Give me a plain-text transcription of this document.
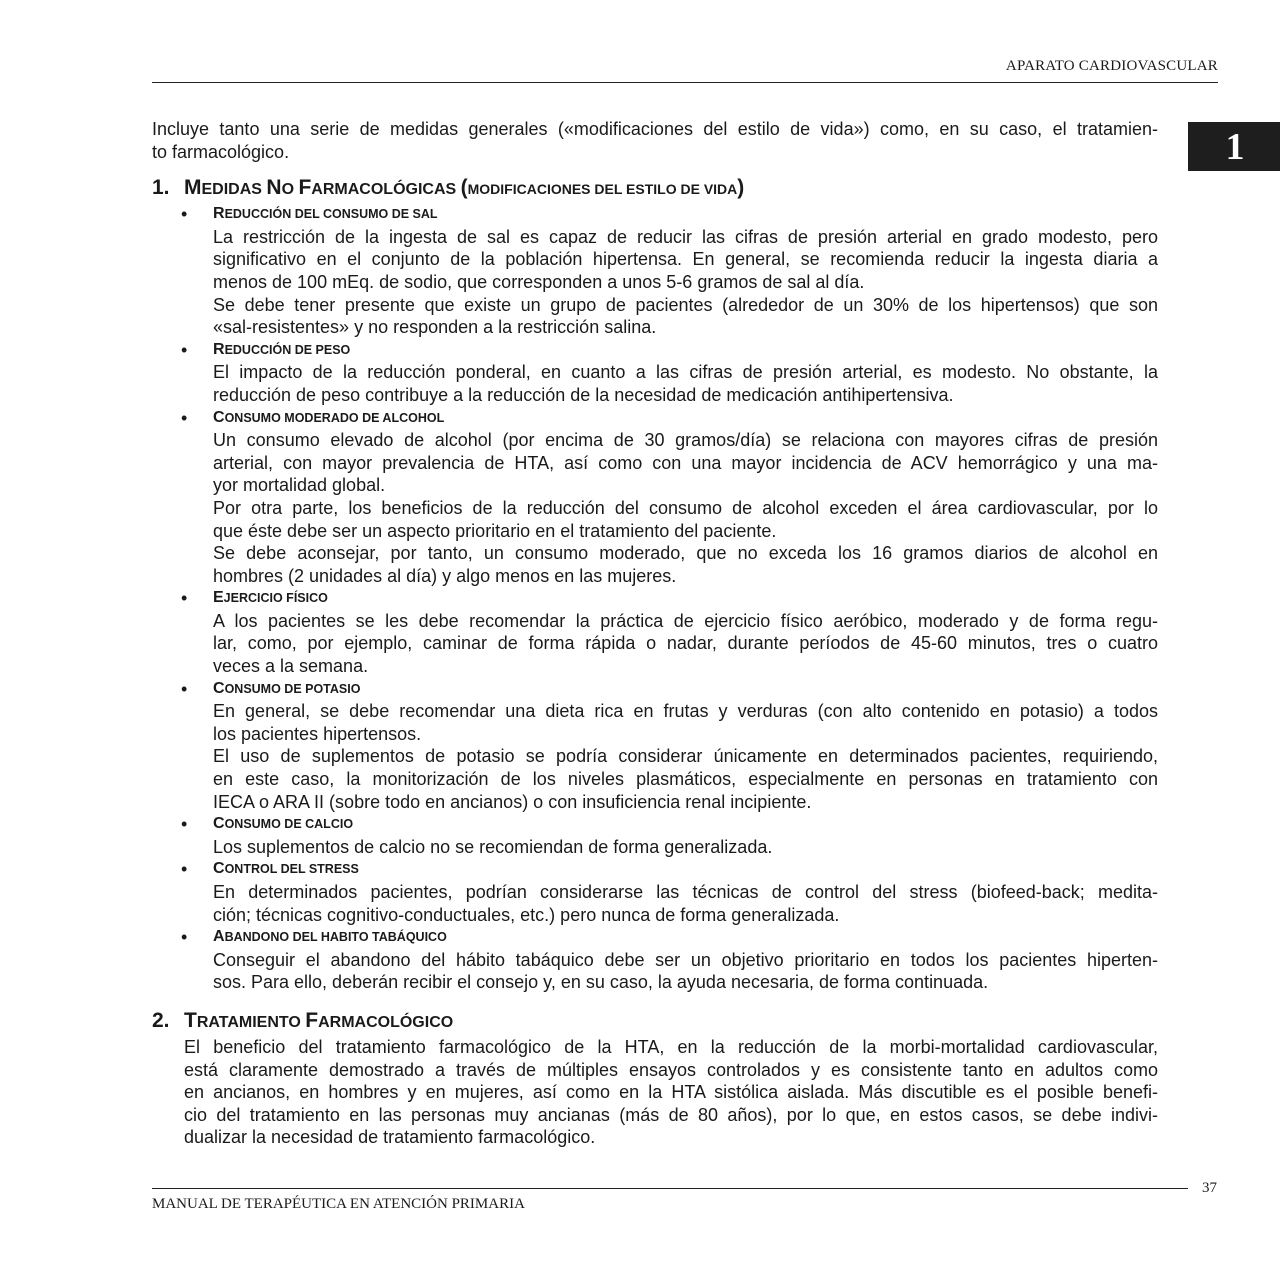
APARATO CARDIOVASCULAR
1

Incluye tanto una serie de medidas generales («modificaciones del estilo de vida») como, en su caso, el tratamien-
to farmacológico.

1. MEDIDAS NO FARMACOLÓGICAS (MODIFICACIONES DEL ESTILO DE VIDA)
• REDUCCIÓN DEL CONSUMO DE SAL
La restricción de la ingesta de sal es capaz de reducir las cifras de presión arterial en grado modesto, pero
significativo en el conjunto de la población hipertensa. En general, se recomienda reducir la ingesta diaria a
menos de 100 mEq. de sodio, que corresponden a unos 5-6 gramos de sal al día.
Se debe tener presente que existe un grupo de pacientes (alrededor de un 30% de los hipertensos) que son
«sal-resistentes» y no responden a la restricción salina.
• REDUCCIÓN DE PESO
El impacto de la reducción ponderal, en cuanto a las cifras de presión arterial, es modesto. No obstante, la
reducción de peso contribuye a la reducción de la necesidad de medicación antihipertensiva.
• CONSUMO MODERADO DE ALCOHOL
Un consumo elevado de alcohol (por encima de 30 gramos/día) se relaciona con mayores cifras de presión
arterial, con mayor prevalencia de HTA, así como con una mayor incidencia de ACV hemorrágico y una ma-
yor mortalidad global.
Por otra parte, los beneficios de la reducción del consumo de alcohol exceden el área cardiovascular, por lo
que éste debe ser un aspecto prioritario en el tratamiento del paciente.
Se debe aconsejar, por tanto, un consumo moderado, que no exceda los 16 gramos diarios de alcohol en
hombres (2 unidades al día) y algo menos en las mujeres.
• EJERCICIO FÍSICO
A los pacientes se les debe recomendar la práctica de ejercicio físico aeróbico, moderado y de forma regu-
lar, como, por ejemplo, caminar de forma rápida o nadar, durante períodos de 45-60 minutos, tres o cuatro
veces a la semana.
• CONSUMO DE POTASIO
En general, se debe recomendar una dieta rica en frutas y verduras (con alto contenido en potasio) a todos
los pacientes hipertensos.
El uso de suplementos de potasio se podría considerar únicamente en determinados pacientes, requiriendo,
en este caso, la monitorización de los niveles plasmáticos, especialmente en personas en tratamiento con
IECA o ARA II (sobre todo en ancianos) o con insuficiencia renal incipiente.
• CONSUMO DE CALCIO
Los suplementos de calcio no se recomiendan de forma generalizada.
• CONTROL DEL STRESS
En determinados pacientes, podrían considerarse las técnicas de control del stress (biofeed-back; medita-
ción; técnicas cognitivo-conductuales, etc.) pero nunca de forma generalizada.
• ABANDONO DEL HABITO TABÁQUICO
Conseguir el abandono del hábito tabáquico debe ser un objetivo prioritario en todos los pacientes hiperten-
sos. Para ello, deberán recibir el consejo y, en su caso, la ayuda necesaria, de forma continuada.
2. TRATAMIENTO FARMACOLÓGICO
El beneficio del tratamiento farmacológico de la HTA, en la reducción de la morbi-mortalidad cardiovascular,
está claramente demostrado a través de múltiples ensayos controlados y es consistente tanto en adultos como
en ancianos, en hombres y en mujeres, así como en la HTA sistólica aislada. Más discutible es el posible benefi-
cio del tratamiento en las personas muy ancianas (más de 80 años), por lo que, en estos casos, se debe indivi-
dualizar la necesidad de tratamiento farmacológico.
37
MANUAL DE TERAPÉUTICA EN ATENCIÓN PRIMARIA
